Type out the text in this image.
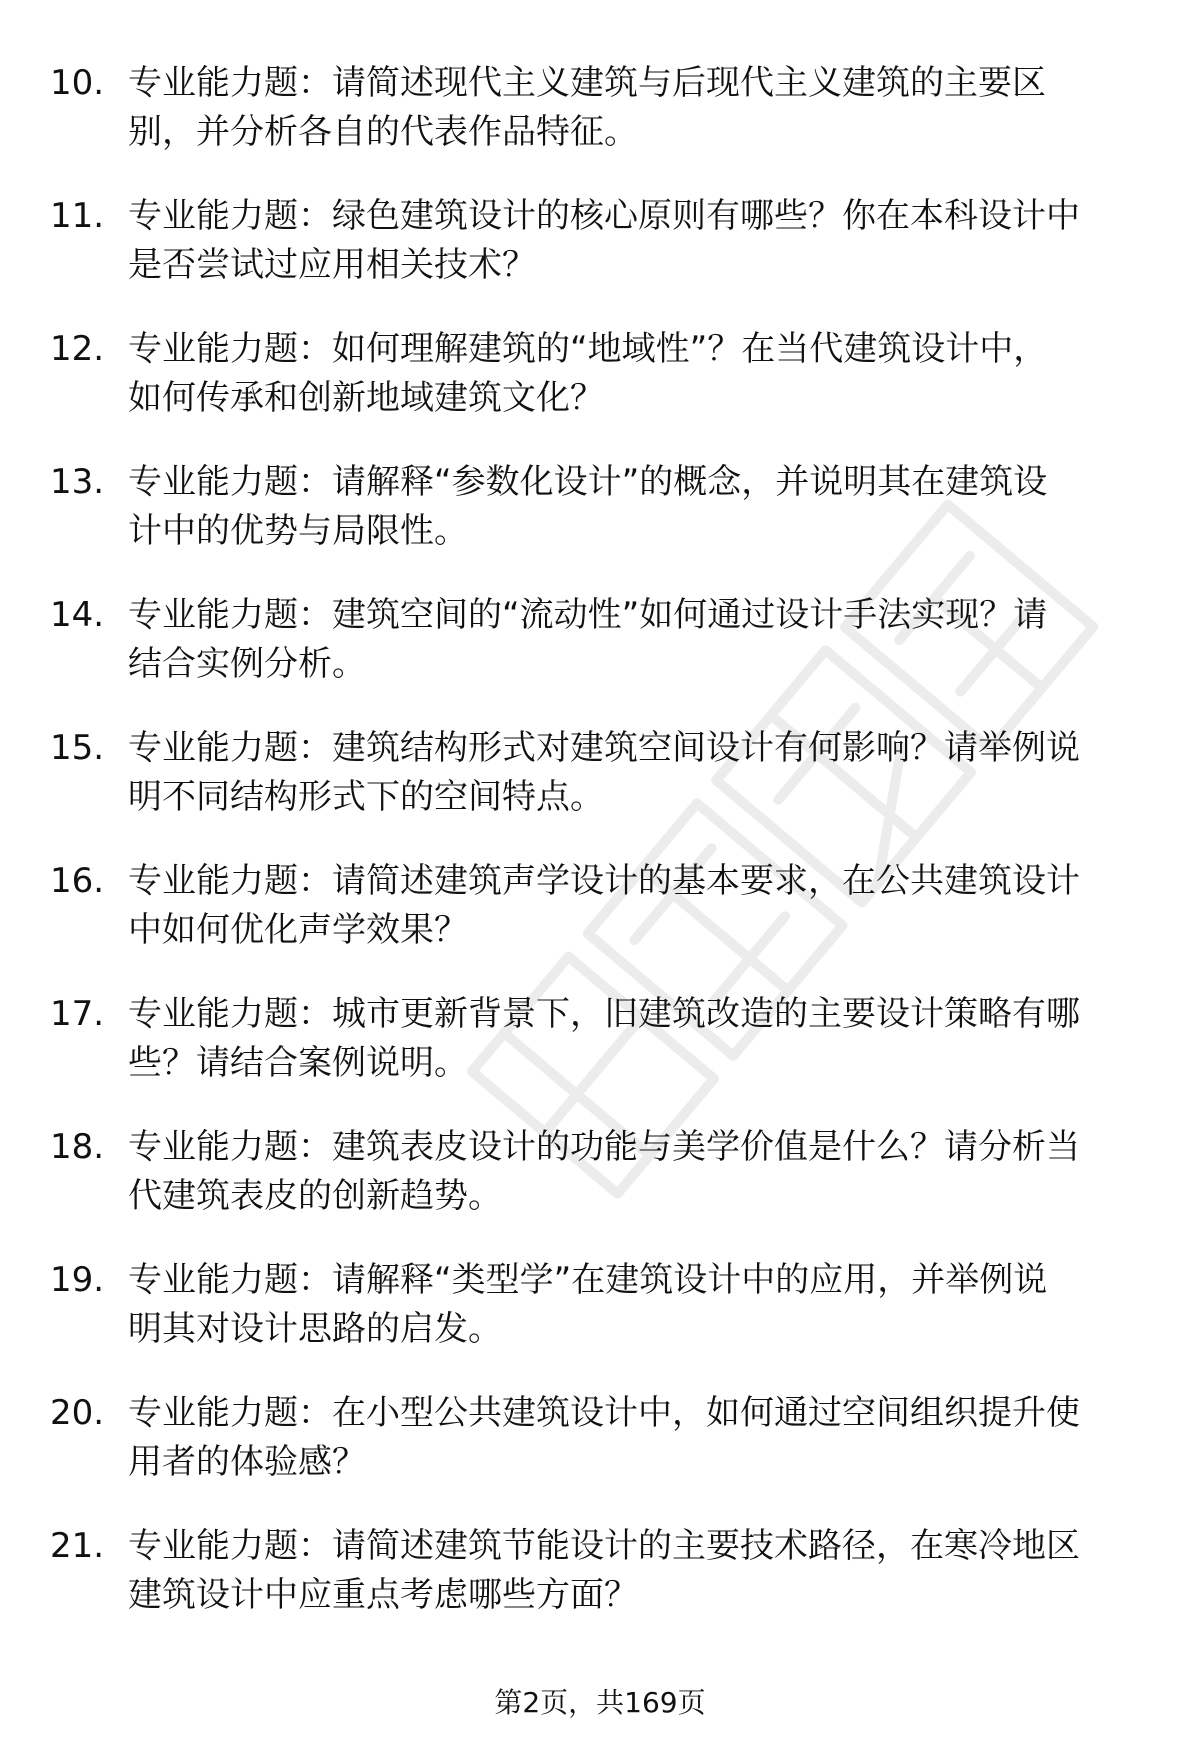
10. 专业能力题：请简述现代主义建筑与后现代主义建筑的主要区
别，并分析各自的代表作品特征。
11. 专业能力题：绿色建筑设计的核心原则有哪些？你在本科设计中
是否尝试过应用相关技术？
12. 专业能力题：如何理解建筑的“地域性”？在当代建筑设计中，
如何传承和创新地域建筑文化？
13. 专业能力题：请解释“参数化设计”的概念，并说明其在建筑设
计中的优势与局限性。
14. 专业能力题：建筑空间的“流动性”如何通过设计手法实现？请
结合实例分析。
15. 专业能力题：建筑结构形式对建筑空间设计有何影响？请举例说
明不同结构形式下的空间特点。
16. 专业能力题：请简述建筑声学设计的基本要求，在公共建筑设计
中如何优化声学效果？
17. 专业能力题：城市更新背景下，旧建筑改造的主要设计策略有哪
些？请结合案例说明。
18. 专业能力题：建筑表皮设计的功能与美学价值是什么？请分析当
代建筑表皮的创新趋势。
19. 专业能力题：请解释“类型学”在建筑设计中的应用，并举例说
明其对设计思路的启发。
20. 专业能力题：在小型公共建筑设计中，如何通过空间组织提升使
用者的体验感？
21. 专业能力题：请简述建筑节能设计的主要技术路径，在寒冷地区
建筑设计中应重点考虑哪些方面？
第2页，共169页
